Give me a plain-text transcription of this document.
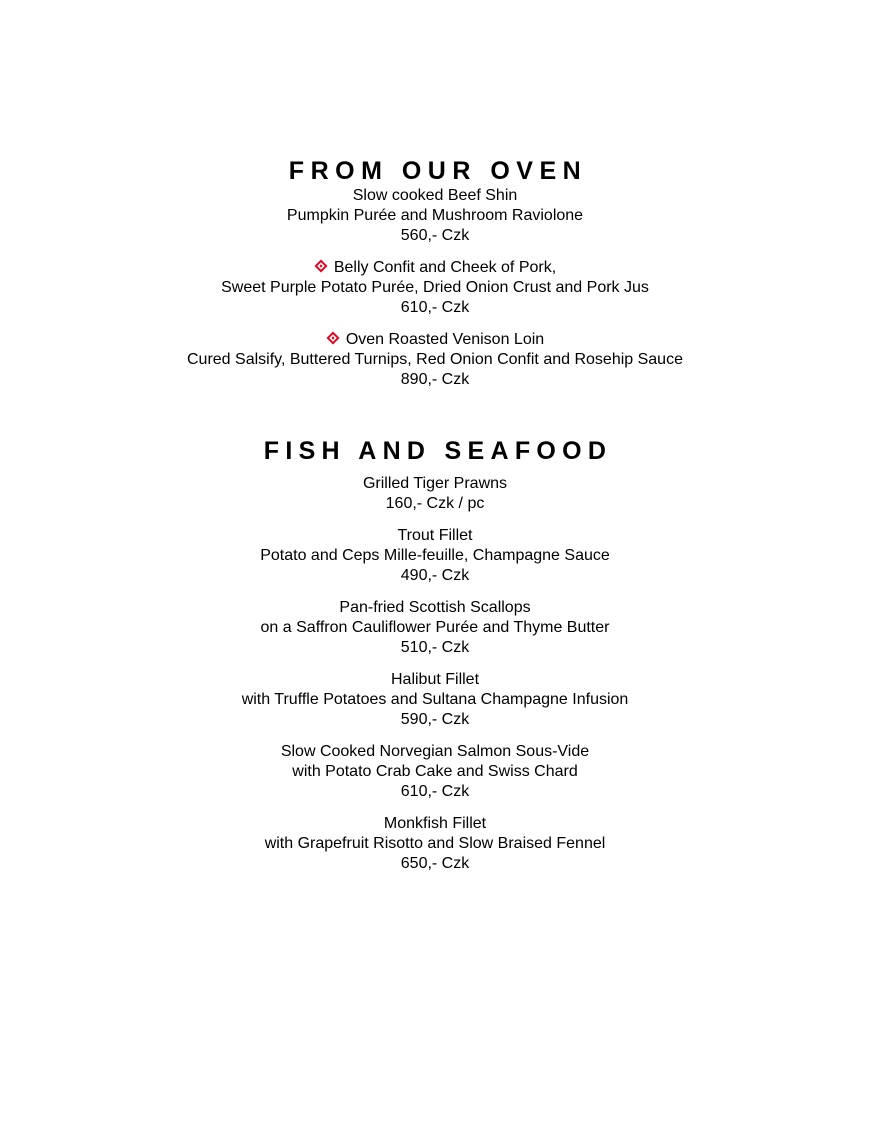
FROM OUR OVEN
Slow cooked Beef Shin
Pumpkin Purée and Mushroom Raviolone
560,- Czk
Belly Confit and Cheek of Pork,
Sweet Purple Potato Purée, Dried Onion Crust and Pork Jus
610,- Czk
Oven Roasted Venison Loin
Cured Salsify, Buttered Turnips, Red Onion Confit and Rosehip Sauce
890,- Czk
FISH AND SEAFOOD
Grilled Tiger Prawns
160,- Czk / pc
Trout Fillet
Potato and Ceps Mille-feuille, Champagne Sauce
490,- Czk
Pan-fried Scottish Scallops
on a Saffron Cauliflower Purée and Thyme Butter
510,- Czk
Halibut Fillet
with Truffle Potatoes and Sultana Champagne Infusion
590,- Czk
Slow Cooked Norvegian Salmon Sous-Vide
with Potato Crab Cake and Swiss Chard
610,- Czk
Monkfish Fillet
with Grapefruit Risotto and Slow Braised Fennel
650,- Czk
